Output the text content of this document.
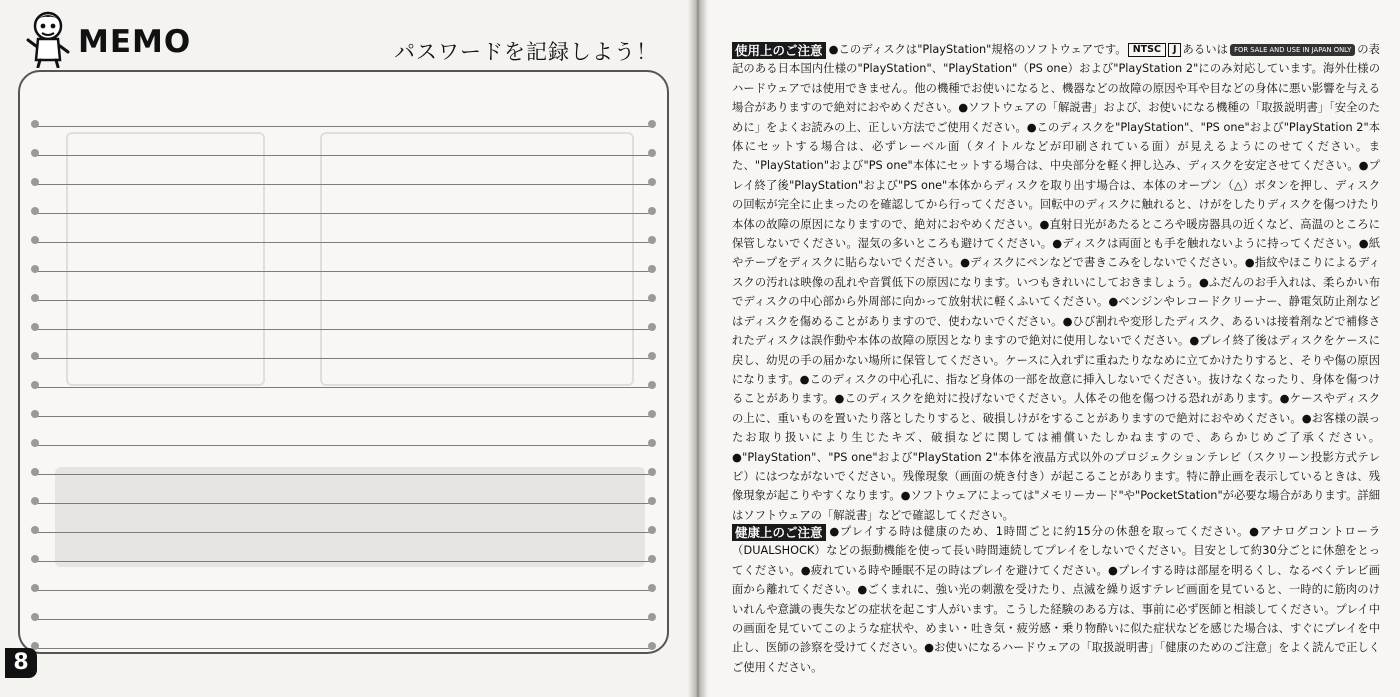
MEMO	パスワードを記録しよう！
8

使用上のご注意 ●このディスクは"PlayStation"規格のソフトウェアです。 NTSC J あるいは FOR SALE AND USE IN JAPAN ONLY の表記のある日本国内仕様の"PlayStation"、"PlayStation"（PS one）および"PlayStation 2"にのみ対応しています。海外仕様のハードウェアでは使用できません。他の機種でお使いになると、機器などの故障の原因や耳や目などの身体に悪い影響を与える場合がありますので絶対におやめください。●ソフトウェアの「解説書」および、お使いになる機種の「取扱説明書」「安全のために」をよくお読みの上、正しい方法でご使用ください。●このディスクを"PlayStation"、"PS one"および"PlayStation 2"本体にセットする場合は、必ずレーベル面（タイトルなどが印刷されている面）が見えるようにのせてください。また、"PlayStation"および"PS one"本体にセットする場合は、中央部分を軽く押し込み、ディスクを安定させてください。●プレイ終了後"PlayStation"および"PS one"本体からディスクを取り出す場合は、本体のオープン（△）ボタンを押し、ディスクの回転が完全に止まったのを確認してから行ってください。回転中のディスクに触れると、けがをしたりディスクを傷つけたり本体の故障の原因になりますので、絶対におやめください。●直射日光があたるところや暖房器具の近くなど、高温のところに保管しないでください。湿気の多いところも避けてください。●ディスクは両面とも手を触れないように持ってください。●紙やテープをディスクに貼らないでください。●ディスクにペンなどで書きこみをしないでください。●指紋やほこりによるディスクの汚れは映像の乱れや音質低下の原因になります。いつもきれいにしておきましょう。●ふだんのお手入れは、柔らかい布でディスクの中心部から外周部に向かって放射状に軽くふいてください。●ベンジンやレコードクリーナー、静電気防止剤などはディスクを傷めることがありますので、使わないでください。●ひび割れや変形したディスク、あるいは接着剤などで補修されたディスクは誤作動や本体の故障の原因となりますので絶対に使用しないでください。●プレイ終了後はディスクをケースに戻し、幼児の手の届かない場所に保管してください。ケースに入れずに重ねたりななめに立てかけたりすると、そりや傷の原因になります。●このディスクの中心孔に、指など身体の一部を故意に挿入しないでください。抜けなくなったり、身体を傷つけることがあります。●このディスクを絶対に投げないでください。人体その他を傷つける恐れがあります。●ケースやディスクの上に、重いものを置いたり落としたりすると、破損しけがをすることがありますので絶対におやめください。●お客様の誤ったお取り扱いにより生じたキズ、破損などに関しては補償いたしかねますので、あらかじめご了承ください。●"PlayStation"、"PS one"および"PlayStation 2"本体を液晶方式以外のプロジェクションテレビ（スクリーン投影方式テレビ）にはつながないでください。残像現象（画面の焼き付き）が起こることがあります。特に静止画を表示しているときは、残像現象が起こりやすくなります。●ソフトウェアによっては"メモリーカード"や"PocketStation"が必要な場合があります。詳細はソフトウェアの「解説書」などで確認してください。

健康上のご注意 ●プレイする時は健康のため、1時間ごとに約15分の休憩を取ってください。●アナログコントローラ（DUALSHOCK）などの振動機能を使って長い時間連続してプレイをしないでください。目安として約30分ごとに休憩をとってください。●疲れている時や睡眠不足の時はプレイを避けてください。●プレイする時は部屋を明るくし、なるべくテレビ画面から離れてください。●ごくまれに、強い光の刺激を受けたり、点滅を繰り返すテレビ画面を見ていると、一時的に筋肉のけいれんや意識の喪失などの症状を起こす人がいます。こうした経験のある方は、事前に必ず医師と相談してください。プレイ中の画面を見ていてこのような症状や、めまい・吐き気・疲労感・乗り物酔いに似た症状などを感じた場合は、すぐにプレイを中止し、医師の診察を受けてください。●お使いになるハードウェアの「取扱説明書」「健康のためのご注意」をよく読んで正しくご使用ください。
